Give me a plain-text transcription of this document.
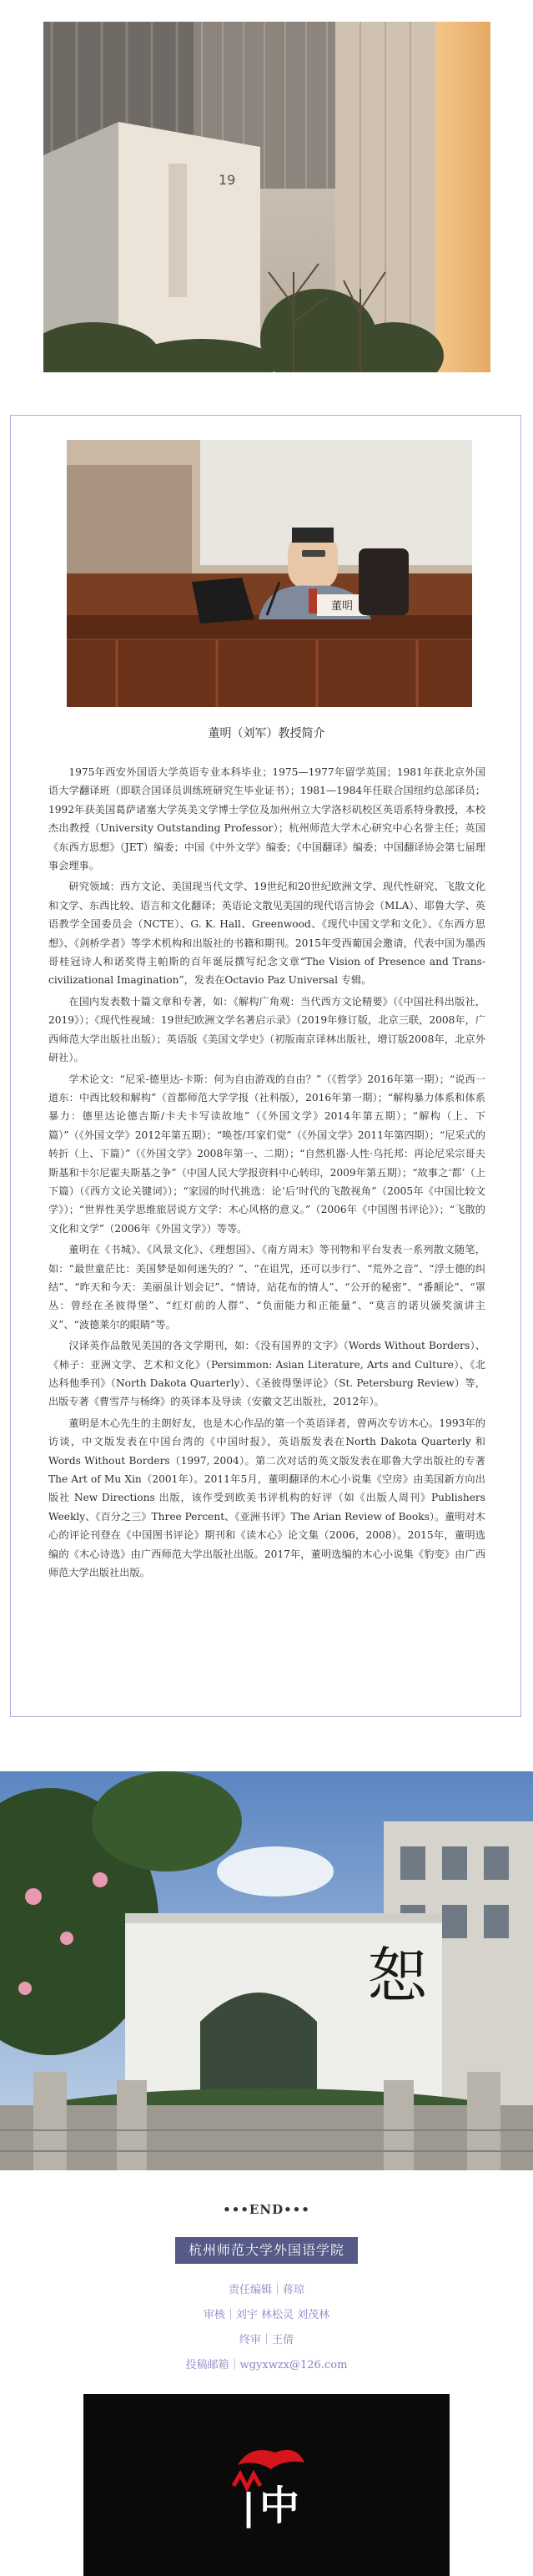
19
董明
董明（刘军）教授简介

1975年西安外国语大学英语专业本科毕业；1975—1977年留学英国；1981年获北京外国语大学翻译班（即联合国译员训练班研究生毕业证书）；1981—1984年任联合国纽约总部译员；1992年获美国葛萨诸塞大学英美文学博士学位及加州州立大学洛杉矶校区英语系特身教授，本校杰出教授（University Outstanding Professor）；杭州师范大学木心研究中心名誉主任；英国《东西方思想》（JET）编委；中国《中外文学》编委；《中国翻译》编委；中国翻译协会第七届理事会理事。

研究领域：西方文论、美国现当代文学、19世纪和20世纪欧洲文学、现代性研究、飞散文化和文学、东西比较、语言和文化翻译；英语论文散见美国的现代语言协会（MLA）、耶鲁大学、英语教学全国委员会（NCTE）、G. K. Hall、Greenwood、《现代中国文学和文化》、《东西方思想》、《剑桥学者》等学术机构和出版社的书籍和期刊。2015年受西葡国会邀请，代表中国为墨西哥桂冠诗人和诺奖得主帕斯的百年诞辰撰写纪念文章“The Vision of Presence and Trans-civilizational Imagination”，发表在Octavio Paz Universal 专辑。

在国内发表数十篇文章和专著，如：《解构广角观：当代西方文论精要》（《中国社科出版社，2019》）；《现代性视域：19世纪欧洲文学名著启示录》（2019年修订版，北京三联，2008年，广西师范大学出版社出版）；英语版《美国文学史》（初版南京译林出版社，增订版2008年，北京外研社）。

学术论文：“尼采-德里达-卡斯：何为自由游戏的自由？”（《哲学》2016年第一期）；“说西一道东：中西比较和解构”（首都师范大学学报（社科版），2016年第一期）；“解构暴力体系和体系暴力：德里达论德吉斯/卡夫卡写读故地”（《外国文学》2014年第五期）；“解构（上、下篇）”（《外国文学》2012年第五期）；“唤苍/耳家们觉”（《外国文学》2011年第四期）；“尼采式的转折（上、下篇）”（《外国文学》2008年第一、二期）；“自然机器·人性·乌托邦：再论尼采宗哥夫斯基和卡尔尼霍夫斯基之争”（中国人民大学报资料中心转印，2009年第五期）；“故事之‘都’（上下篇）（《西方文论关键词》）；“家园的时代挑选：论‘后’时代的飞散视角”（2005年《中国比较文学》）；“世界性美学思维旅居说方文学：木心风格的意义。”（2006年《中国图书评论》）；“飞散的文化和文学”（2006年《外国文学》）等等。

董明在《书城》、《风景文化》、《理想国》、《南方周末》等刊物和平台发表一系列散文随笔，如：“最世童茫比：美国梦是如何迷失的？”、“在诅咒，还可以步行”、“荒外之音”、“浮士德的纠结”、“昨天和今天：美丽虽计划会记”、“情诗，站花布的情人”、“公开的秘密”、“番颠论”、“罩丛：曾经在圣彼得堡”、“红灯前的人群”、“负面能力和正能量”、“莫言的诺贝颁奖演讲主义”、“波德莱尔的眼睛”等。

汉译英作品散见美国的各文学期刊，如：《没有国界的文字》（Words Without Borders）、《柿子：亚洲文学、艺术和文化》（Persimmon: Asian Literature, Arts and Culture）、《北达科他季刊》（North Dakota Quarterly）、《圣彼得堡评论》（St. Petersburg Review）等，出版专著《曹雪芹与杨绛》的英译本及导读（安徽文艺出版社，2012年）。

董明是木心先生的主朗好友，也是木心作品的第一个英语译者，曾两次专访木心。1993年的访谈，中文版发表在中国台湾的《中国时报》，英语版发表在North Dakota Quarterly 和 Words Without Borders（1997, 2004）。第二次对话的英文版发表在耶鲁大学出版社的专著 The Art of Mu Xin（2001年）。2011年5月，董明翻译的木心小说集《空房》由美国新方向出版社 New Directions 出版，该作受到欧美书评机构的好评（如《出版人周刊》Publishers Weekly、《百分之三》Three Percent、《亚洲书评》The Arian Review of Books）。董明对木心的评论刊登在《中国图书评论》期刊和《读木心》论文集（2006，2008）。2015年，董明选编的《木心诗选》由广西师范大学出版社出版。2017年，董明选编的木心小说集《豹变》由广西师范大学出版社出版。

恕
•••END•••
杭州师范大学外国语学院
责任编辑｜蒋琼
审核｜刘宇 林松灵 刘茂林
终审｜王倩
投稿邮箱｜wgyxwzx@126.com
中
|
